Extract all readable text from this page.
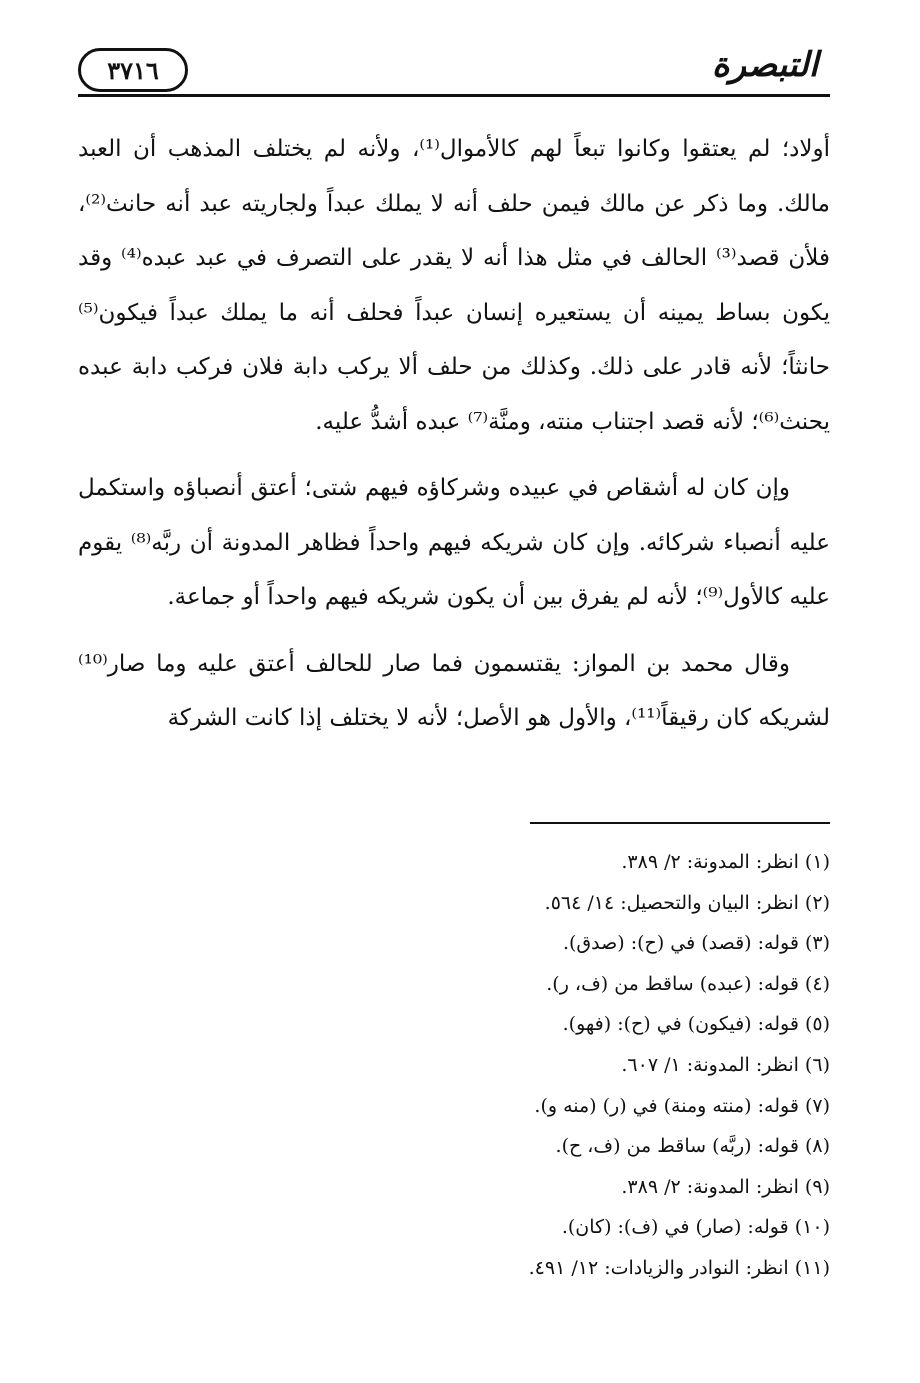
٣٧١٦	التبصرة

أولاد؛ لم يعتقوا وكانوا تبعاً لهم كالأموال⁽¹⁾، ولأنه لم يختلف المذهب أن العبد مالك. وما ذكر عن مالك فيمن حلف أنه لا يملك عبداً ولجاريته عبد أنه حانث⁽²⁾، فلأن قصد⁽³⁾ الحالف في مثل هذا أنه لا يقدر على التصرف في عبد عبده⁽⁴⁾ وقد يكون بساط يمينه أن يستعيره إنسان عبداً فحلف أنه ما يملك عبداً فيكون⁽⁵⁾ حانثاً؛ لأنه قادر على ذلك. وكذلك من حلف ألا يركب دابة فلان فركب دابة عبده يحنث⁽⁶⁾؛ لأنه قصد اجتناب منته، ومنَّة⁽⁷⁾ عبده أشدُّ عليه.

وإن كان له أشقاص في عبيده وشركاؤه فيهم شتى؛ أعتق أنصباؤه واستكمل عليه أنصباء شركائه. وإن كان شريكه فيهم واحداً فظاهر المدونة أن ربَّه⁽⁸⁾ يقوم عليه كالأول⁽⁹⁾؛ لأنه لم يفرق بين أن يكون شريكه فيهم واحداً أو جماعة.

وقال محمد بن المواز: يقتسمون فما صار للحالف أعتق عليه وما صار⁽¹⁰⁾ لشريكه كان رقيقاً⁽¹¹⁾، والأول هو الأصل؛ لأنه لا يختلف إذا كانت الشركة

(١) انظر: المدونة: ٢/ ٣٨٩.

(٢) انظر: البيان والتحصيل: ١٤/ ٥٦٤.

(٣) قوله: (قصد) في (ح): (صدق).

(٤) قوله: (عبده) ساقط من (ف، ر).

(٥) قوله: (فيكون) في (ح): (فهو).

(٦) انظر: المدونة: ١/ ٦٠٧.

(٧) قوله: (منته ومنة) في (ر) (منه و).

(٨) قوله: (ربَّه) ساقط من (ف، ح).

(٩) انظر: المدونة: ٢/ ٣٨٩.

(١٠) قوله: (صار) في (ف): (كان).

(١١) انظر: النوادر والزيادات: ١٢/ ٤٩١.
